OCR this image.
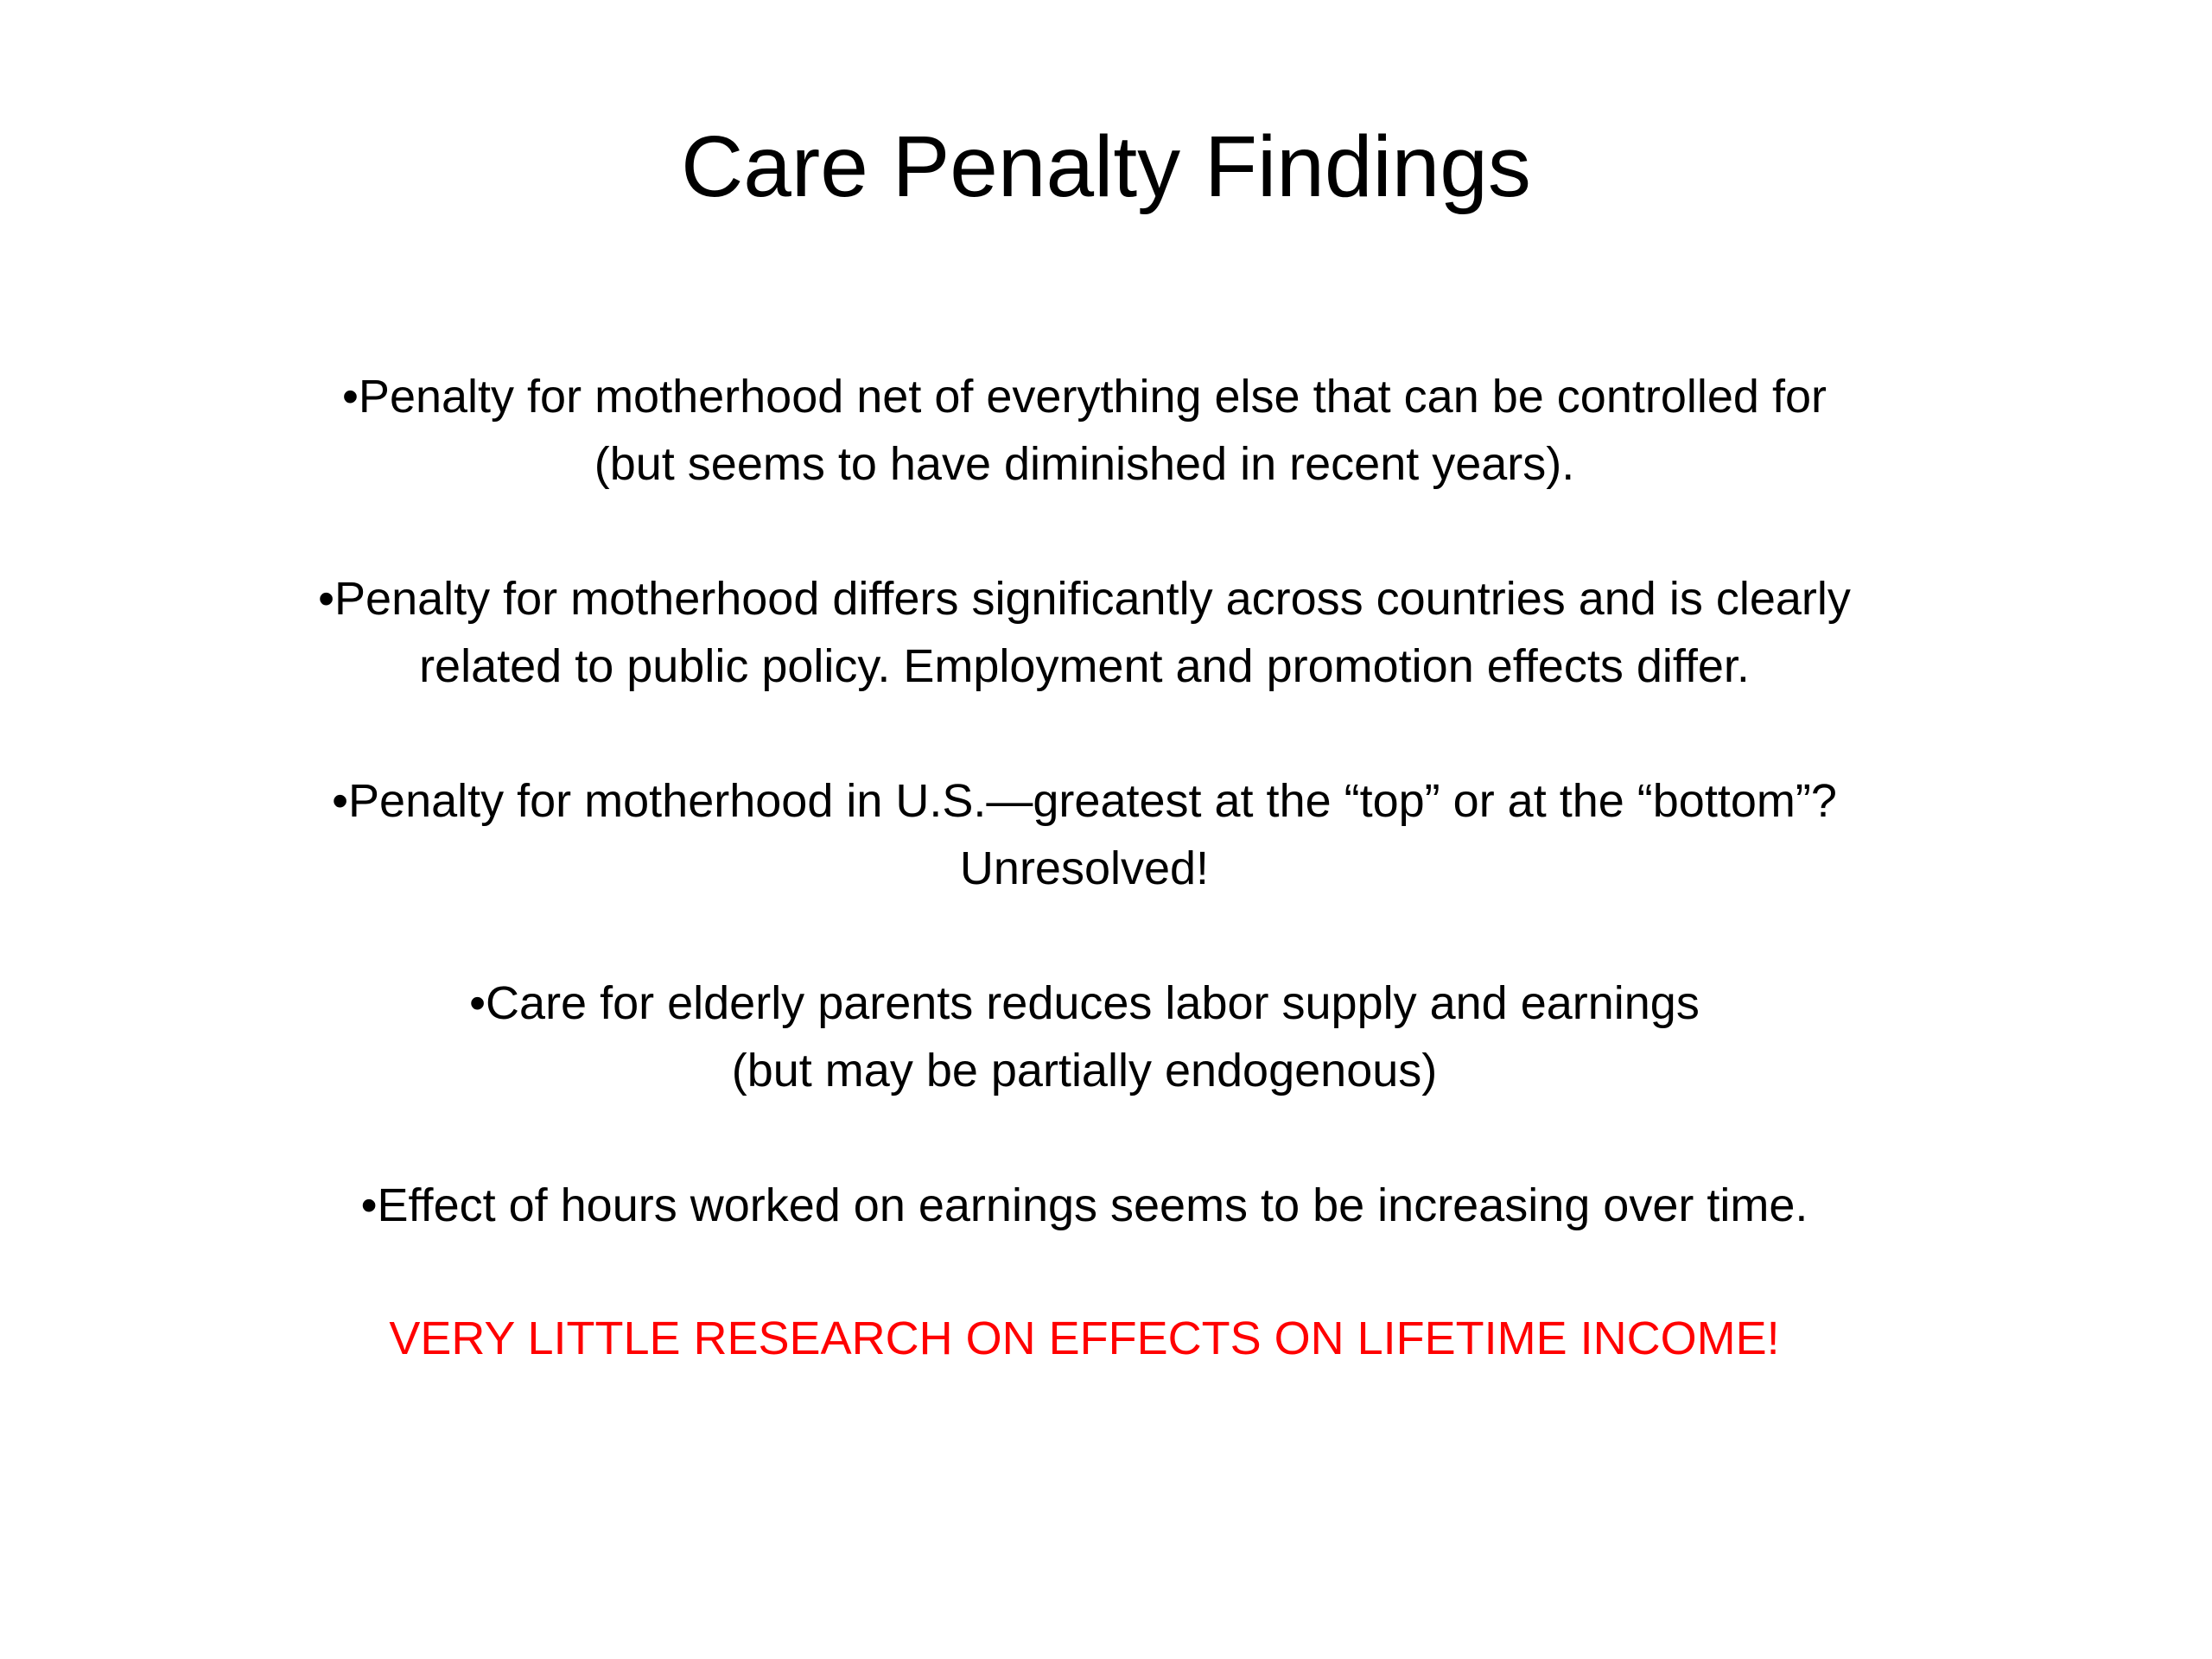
Care Penalty Findings
•Penalty for motherhood net of everything else that can be controlled for
(but seems to have diminished in recent years).
•Penalty for motherhood differs significantly across countries and is clearly
related to public policy. Employment and promotion effects differ.
•Penalty for motherhood in U.S.—greatest at the “top” or at the “bottom”?
Unresolved!
•Care for elderly parents reduces labor supply and earnings
(but may be partially endogenous)
•Effect of hours worked on earnings seems to be increasing over time.

VERY LITTLE RESEARCH ON EFFECTS ON LIFETIME INCOME!
